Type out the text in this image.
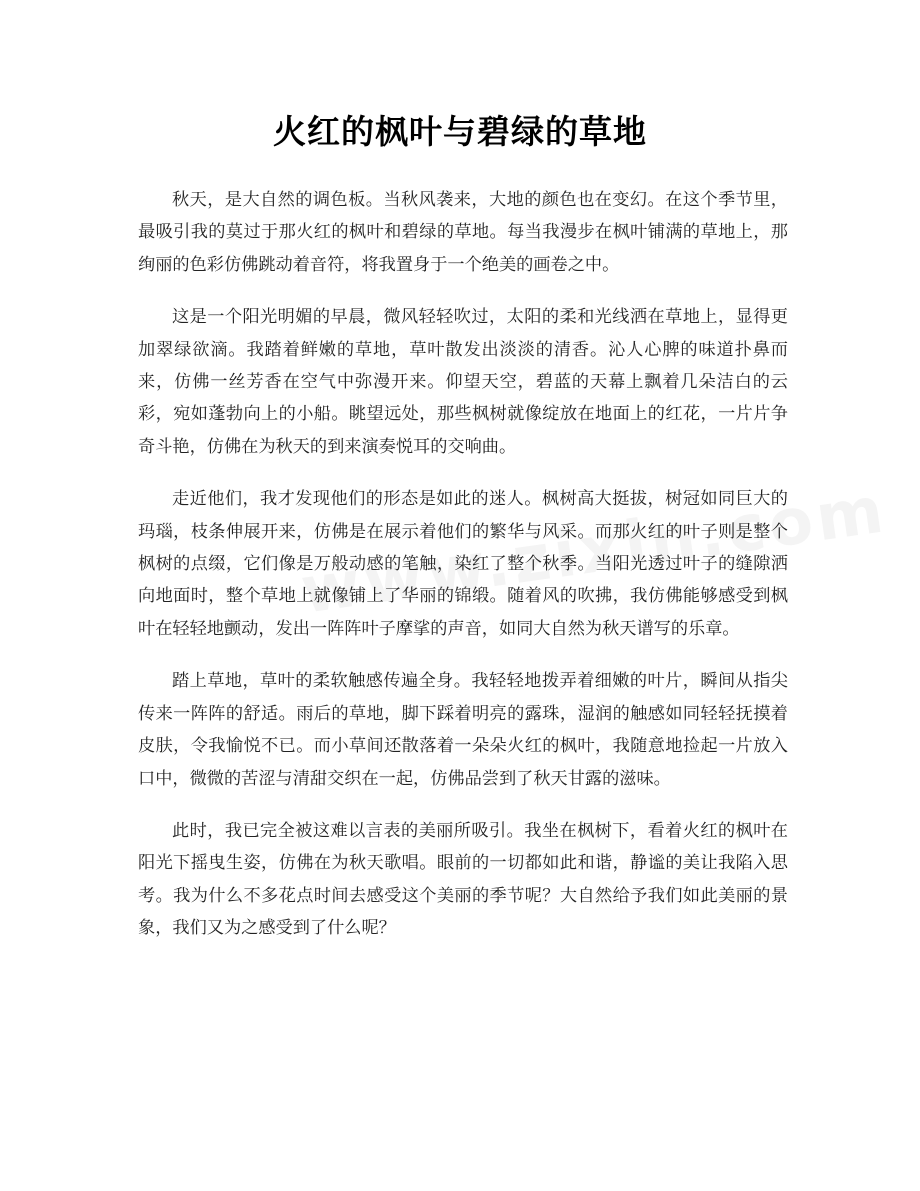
火红的枫叶与碧绿的草地

秋天，是大自然的调色板。当秋风袭来，大地的颜色也在变幻。在这个季节里，最吸引我的莫过于那火红的枫叶和碧绿的草地。每当我漫步在枫叶铺满的草地上，那绚丽的色彩仿佛跳动着音符，将我置身于一个绝美的画卷之中。

这是一个阳光明媚的早晨，微风轻轻吹过，太阳的柔和光线洒在草地上，显得更加翠绿欲滴。我踏着鲜嫩的草地，草叶散发出淡淡的清香。沁人心脾的味道扑鼻而来，仿佛一丝芳香在空气中弥漫开来。仰望天空，碧蓝的天幕上飘着几朵洁白的云彩，宛如蓬勃向上的小船。眺望远处，那些枫树就像绽放在地面上的红花，一片片争奇斗艳，仿佛在为秋天的到来演奏悦耳的交响曲。

走近他们，我才发现他们的形态是如此的迷人。枫树高大挺拔，树冠如同巨大的玛瑙，枝条伸展开来，仿佛是在展示着他们的繁华与风采。而那火红的叶子则是整个枫树的点缀，它们像是万般动感的笔触，染红了整个秋季。当阳光透过叶子的缝隙洒向地面时，整个草地上就像铺上了华丽的锦缎。随着风的吹拂，我仿佛能够感受到枫叶在轻轻地颤动，发出一阵阵叶子摩挲的声音，如同大自然为秋天谱写的乐章。

踏上草地，草叶的柔软触感传遍全身。我轻轻地拨弄着细嫩的叶片，瞬间从指尖传来一阵阵的舒适。雨后的草地，脚下踩着明亮的露珠，湿润的触感如同轻轻抚摸着皮肤，令我愉悦不已。而小草间还散落着一朵朵火红的枫叶，我随意地捡起一片放入口中，微微的苦涩与清甜交织在一起，仿佛品尝到了秋天甘露的滋味。

此时，我已完全被这难以言表的美丽所吸引。我坐在枫树下，看着火红的枫叶在阳光下摇曳生姿，仿佛在为秋天歌唱。眼前的一切都如此和谐，静谧的美让我陷入思考。我为什么不多花点时间去感受这个美丽的季节呢？大自然给予我们如此美丽的景象，我们又为之感受到了什么呢？
